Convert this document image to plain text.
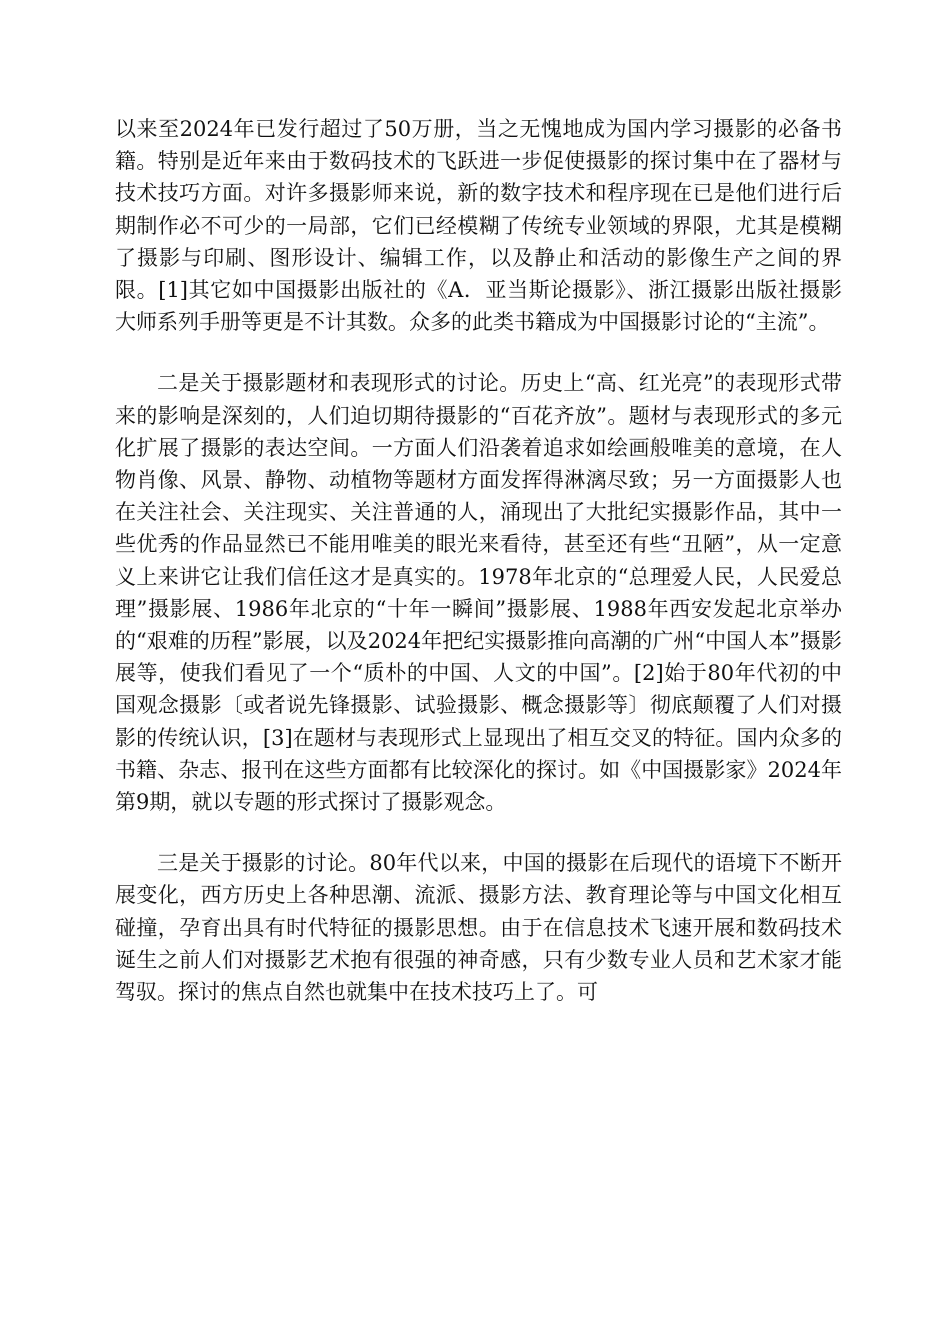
以来至2024年已发行超过了50万册，当之无愧地成为国内学习摄影的必备书籍。特别是近年来由于数码技术的飞跃进一步促使摄影的探讨集中在了器材与技术技巧方面。对许多摄影师来说，新的数字技术和程序现在已是他们进行后期制作必不可少的一局部，它们已经模糊了传统专业领域的界限，尤其是模糊了摄影与印刷、图形设计、编辑工作，以及静止和活动的影像生产之间的界限。[1]其它如中国摄影出版社的《A．亚当斯论摄影》、浙江摄影出版社摄影大师系列手册等更是不计其数。众多的此类书籍成为中国摄影讨论的“主流”。

二是关于摄影题材和表现形式的讨论。历史上“高、红光亮”的表现形式带来的影响是深刻的，人们迫切期待摄影的“百花齐放”。题材与表现形式的多元化扩展了摄影的表达空间。一方面人们沿袭着追求如绘画般唯美的意境，在人物肖像、风景、静物、动植物等题材方面发挥得淋漓尽致；另一方面摄影人也在关注社会、关注现实、关注普通的人，涌现出了大批纪实摄影作品，其中一些优秀的作品显然已不能用唯美的眼光来看待，甚至还有些“丑陋”，从一定意义上来讲它让我们信任这才是真实的。1978年北京的“总理爱人民，人民爱总理”摄影展、1986年北京的“十年一瞬间”摄影展、1988年西安发起北京举办的“艰难的历程”影展，以及2024年把纪实摄影推向高潮的广州“中国人本”摄影展等，使我们看见了一个“质朴的中国、人文的中国”。[2]始于80年代初的中国观念摄影〔或者说先锋摄影、试验摄影、概念摄影等〕彻底颠覆了人们对摄影的传统认识，[3]在题材与表现形式上显现出了相互交叉的特征。国内众多的书籍、杂志、报刊在这些方面都有比较深化的探讨。如《中国摄影家》2024年第9期，就以专题的形式探讨了摄影观念。

三是关于摄影的讨论。80年代以来，中国的摄影在后现代的语境下不断开展变化，西方历史上各种思潮、流派、摄影方法、教育理论等与中国文化相互碰撞，孕育出具有时代特征的摄影思想。由于在信息技术飞速开展和数码技术诞生之前人们对摄影艺术抱有很强的神奇感，只有少数专业人员和艺术家才能驾驭。探讨的焦点自然也就集中在技术技巧上了。可
